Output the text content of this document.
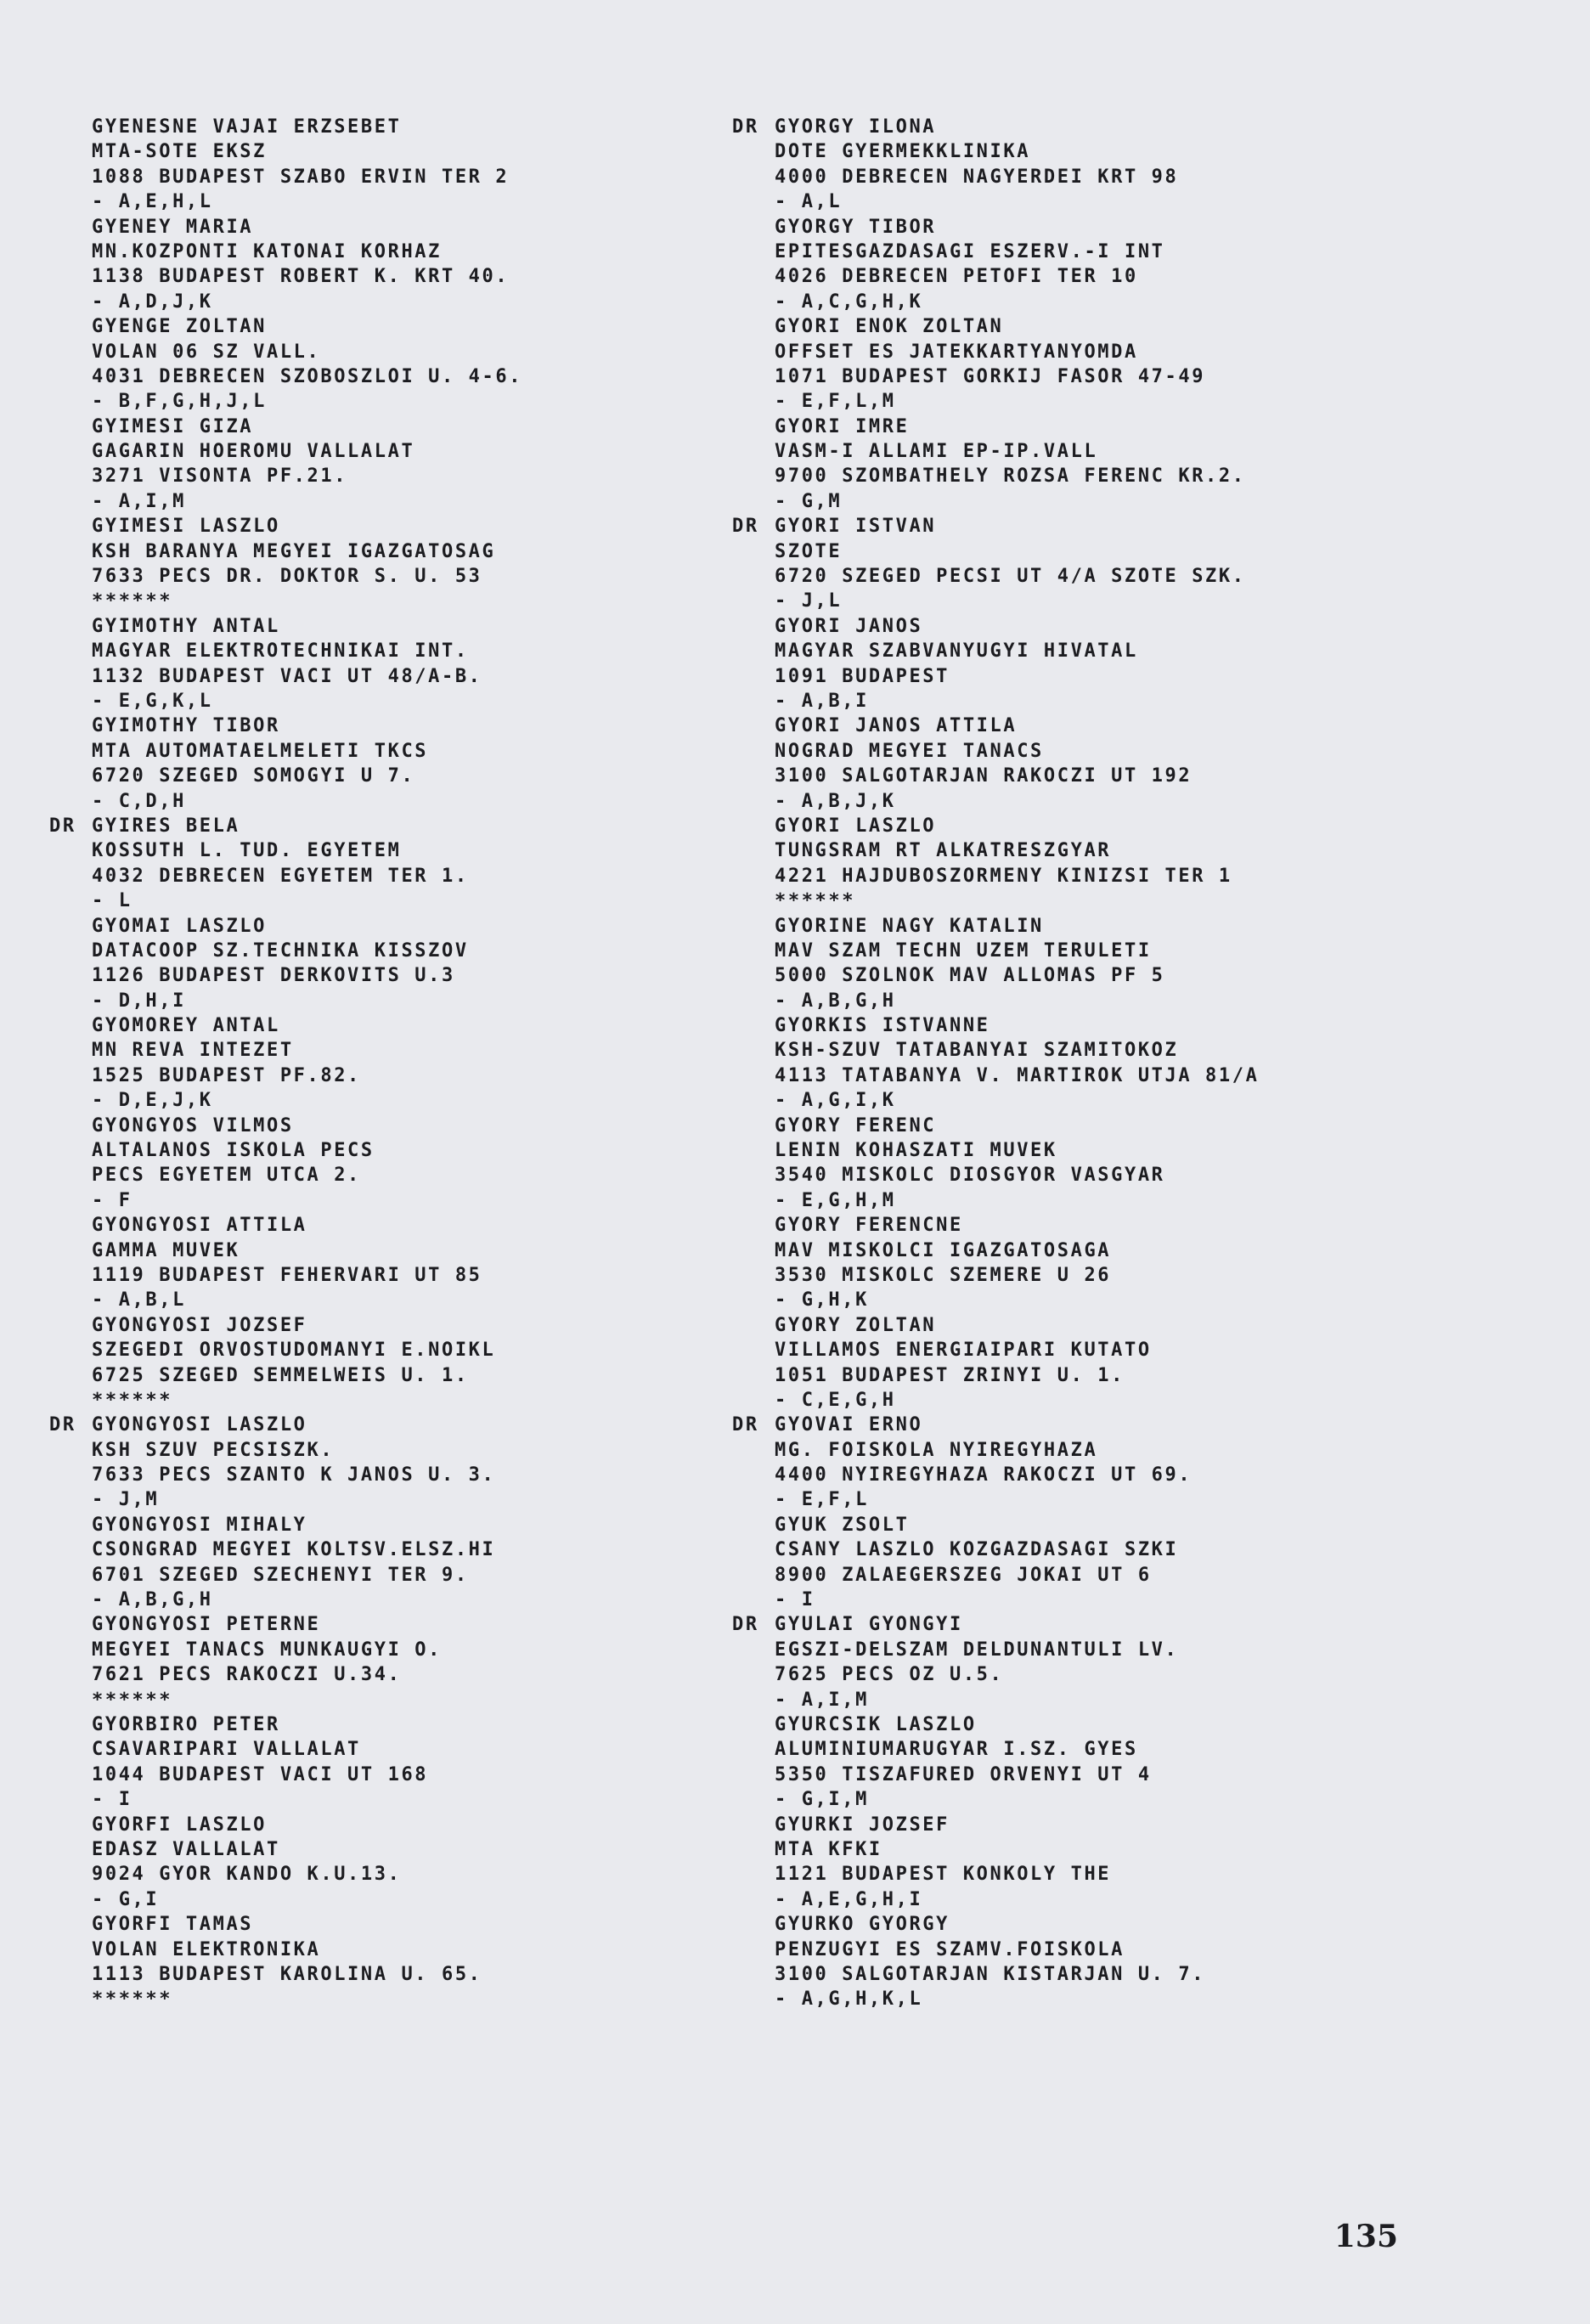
GYENESNE VAJAI ERZSEBET
MTA-SOTE EKSZ
1088 BUDAPEST SZABO ERVIN TER 2
- A,E,H,L
GYENEY MARIA
MN.KOZPONTI KATONAI KORHAZ
1138 BUDAPEST ROBERT K. KRT 40.
- A,D,J,K
GYENGE ZOLTAN
VOLAN 06 SZ VALL.
4031 DEBRECEN SZOBOSZLOI U. 4-6.
- B,F,G,H,J,L
GYIMESI GIZA
GAGARIN HOEROMU VALLALAT
3271 VISONTA PF.21.
- A,I,M
GYIMESI LASZLO
KSH BARANYA MEGYEI IGAZGATOSAG
7633 PECS DR. DOKTOR S. U. 53
******
GYIMOTHY ANTAL
MAGYAR ELEKTROTECHNIKAI INT.
1132 BUDAPEST VACI UT 48/A-B.
- E,G,K,L
GYIMOTHY TIBOR
MTA AUTOMATAELMELETI TKCS
6720 SZEGED SOMOGYI U 7.
- C,D,H
DR GYIRES BELA
KOSSUTH L. TUD. EGYETEM
4032 DEBRECEN EGYETEM TER 1.
- L
GYOMAI LASZLO
DATACOOP SZ.TECHNIKA KISSZOV
1126 BUDAPEST DERKOVITS U.3
- D,H,I
GYOMOREY ANTAL
MN REVA INTEZET
1525 BUDAPEST PF.82.
- D,E,J,K
GYONGYOS VILMOS
ALTALANOS ISKOLA PECS
PECS EGYETEM UTCA 2.
- F
GYONGYOSI ATTILA
GAMMA MUVEK
1119 BUDAPEST FEHERVARI UT 85
- A,B,L
GYONGYOSI JOZSEF
SZEGEDI ORVOSTUDOMANYI E.NOIKL
6725 SZEGED SEMMELWEIS U. 1.
******
DR GYONGYOSI LASZLO
KSH SZUV PECSISZK.
7633 PECS SZANTO K JANOS U. 3.
- J,M
GYONGYOSI MIHALY
CSONGRAD MEGYEI KOLTSV.ELSZ.HI
6701 SZEGED SZECHENYI TER 9.
- A,B,G,H
GYONGYOSI PETERNE
MEGYEI TANACS MUNKAUGYI O.
7621 PECS RAKOCZI U.34.
******
GYORBIRO PETER
CSAVARIPARI VALLALAT
1044 BUDAPEST VACI UT 168
- I
GYORFI LASZLO
EDASZ VALLALAT
9024 GYOR KANDO K.U.13.
- G,I
GYORFI TAMAS
VOLAN ELEKTRONIKA
1113 BUDAPEST KAROLINA U. 65.
******
DR GYORGY ILONA
DOTE GYERMEKKLINIKA
4000 DEBRECEN NAGYERDEI KRT 98
- A,L
GYORGY TIBOR
EPITESGAZDASAGI ESZERV.-I INT
4026 DEBRECEN PETOFI TER 10
- A,C,G,H,K
GYORI ENOK ZOLTAN
OFFSET ES JATEKKARTYANYOMDA
1071 BUDAPEST GORKIJ FASOR 47-49
- E,F,L,M
GYORI IMRE
VASM-I ALLAMI EP-IP.VALL
9700 SZOMBATHELY ROZSA FERENC KR.2.
- G,M
DR GYORI ISTVAN
SZOTE
6720 SZEGED PECSI UT 4/A SZOTE SZK.
- J,L
GYORI JANOS
MAGYAR SZABVANYUGYI HIVATAL
1091 BUDAPEST
- A,B,I
GYORI JANOS ATTILA
NOGRAD MEGYEI TANACS
3100 SALGOTARJAN RAKOCZI UT 192
- A,B,J,K
GYORI LASZLO
TUNGSRAM RT ALKATRESZGYAR
4221 HAJDUBOSZORMENY KINIZSI TER 1
******
GYORINE NAGY KATALIN
MAV SZAM TECHN UZEM TERULETI
5000 SZOLNOK MAV ALLOMAS PF 5
- A,B,G,H
GYORKIS ISTVANNE
KSH-SZUV TATABANYAI SZAMITOKOZ
4113 TATABANYA V. MARTIROK UTJA 81/A
- A,G,I,K
GYORY FERENC
LENIN KOHASZATI MUVEK
3540 MISKOLC DIOSGYOR VASGYAR
- E,G,H,M
GYORY FERENCNE
MAV MISKOLCI IGAZGATOSAGA
3530 MISKOLC SZEMERE U 26
- G,H,K
GYORY ZOLTAN
VILLAMOS ENERGIAIPARI KUTATO
1051 BUDAPEST ZRINYI U. 1.
- C,E,G,H
DR GYOVAI ERNO
MG. FOISKOLA NYIREGYHAZA
4400 NYIREGYHAZA RAKOCZI UT 69.
- E,F,L
GYUK ZSOLT
CSANY LASZLO KOZGAZDASAGI SZKI
8900 ZALAEGERSZEG JOKAI UT 6
- I
DR GYULAI GYONGYI
EGSZI-DELSZAM DELDUNANTULI LV.
7625 PECS OZ U.5.
- A,I,M
GYURCSIK LASZLO
ALUMINIUMARUGYAR I.SZ. GYES
5350 TISZAFURED ORVENYI UT 4
- G,I,M
GYURKI JOZSEF
MTA KFKI
1121 BUDAPEST KONKOLY THE
- A,E,G,H,I
GYURKO GYORGY
PENZUGYI ES SZAMV.FOISKOLA
3100 SALGOTARJAN KISTARJAN U. 7.
- A,G,H,K,L
135
